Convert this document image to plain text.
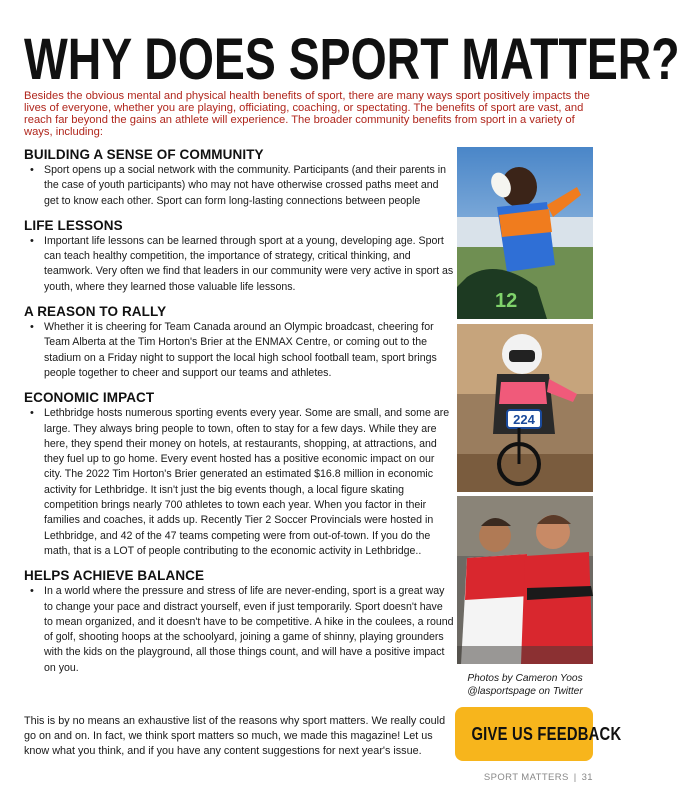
WHY DOES SPORT MATTER?

Besides the obvious mental and physical health benefits of sport, there are many ways sport positively impacts the lives of everyone, whether you are playing, officiating, coaching, or spectating. The benefits of sport are vast, and reach far beyond the gains an athlete will experience. The broader community benefits from sport in a variety of ways, including:

BUILDING A SENSE OF COMMUNITY
• Sport opens up a social network with the community. Participants (and their parents in the case of youth participants) who may not have otherwise crossed paths meet and get to know each other. Sport can form long-lasting connections between people
LIFE LESSONS
• Important life lessons can be learned through sport at a young, developing age. Sport can teach healthy competition, the importance of strategy, critical thinking, and teamwork. Very often we find that leaders in our community were very active in sport as youth, where they learned those valuable life lessons.
A REASON TO RALLY
• Whether it is cheering for Team Canada around an Olympic broadcast, cheering for Team Alberta at the Tim Horton's Brier at the ENMAX Centre, or coming out to the stadium on a Friday night to support the local high school football team, sport brings people together to cheer and support our teams and athletes.
ECONOMIC IMPACT
• Lethbridge hosts numerous sporting events every year. Some are small, and some are large. They always bring people to town, often to stay for a few days. While they are here, they spend their money on hotels, at restaurants, shopping, at attractions, and they fuel up to go home. Every event hosted has a positive economic impact on our city. The 2022 Tim Horton's Brier generated an estimated $16.8 million in economic activity for Lethbridge. It isn't just the big events though, a local figure skating competition brings nearly 700 athletes to town each year. When you factor in their families and coaches, it adds up. Recently Tier 2 Soccer Provincials were hosted in Lethbridge, and 42 of the 47 teams competing were from out-of-town. If you do the math, that is a LOT of people contributing to the economic activity in Lethbridge..
HELPS ACHIEVE BALANCE
• In a world where the pressure and stress of life are never-ending, sport is a great way to change your pace and distract yourself, even if just temporarily. Sport doesn't have to mean organized, and it doesn't have to be competitive. A hike in the coulees, a round of golf, shooting hoops at the schoolyard, joining a game of shinny, playing grounders with the kids on the playground, all those things count, and will have a positive impact on you.

This is by no means an exhaustive list of the reasons why sport matters. We really could go on and on. In fact, we think sport matters so much, we made this magazine! Let us know what you think, and if you have any content suggestions for next year's issue.

12
224
Photos by Cameron Yoos
@lasportspage on Twitter
GIVE US FEEDBACK
SPORT MATTERS | 31
